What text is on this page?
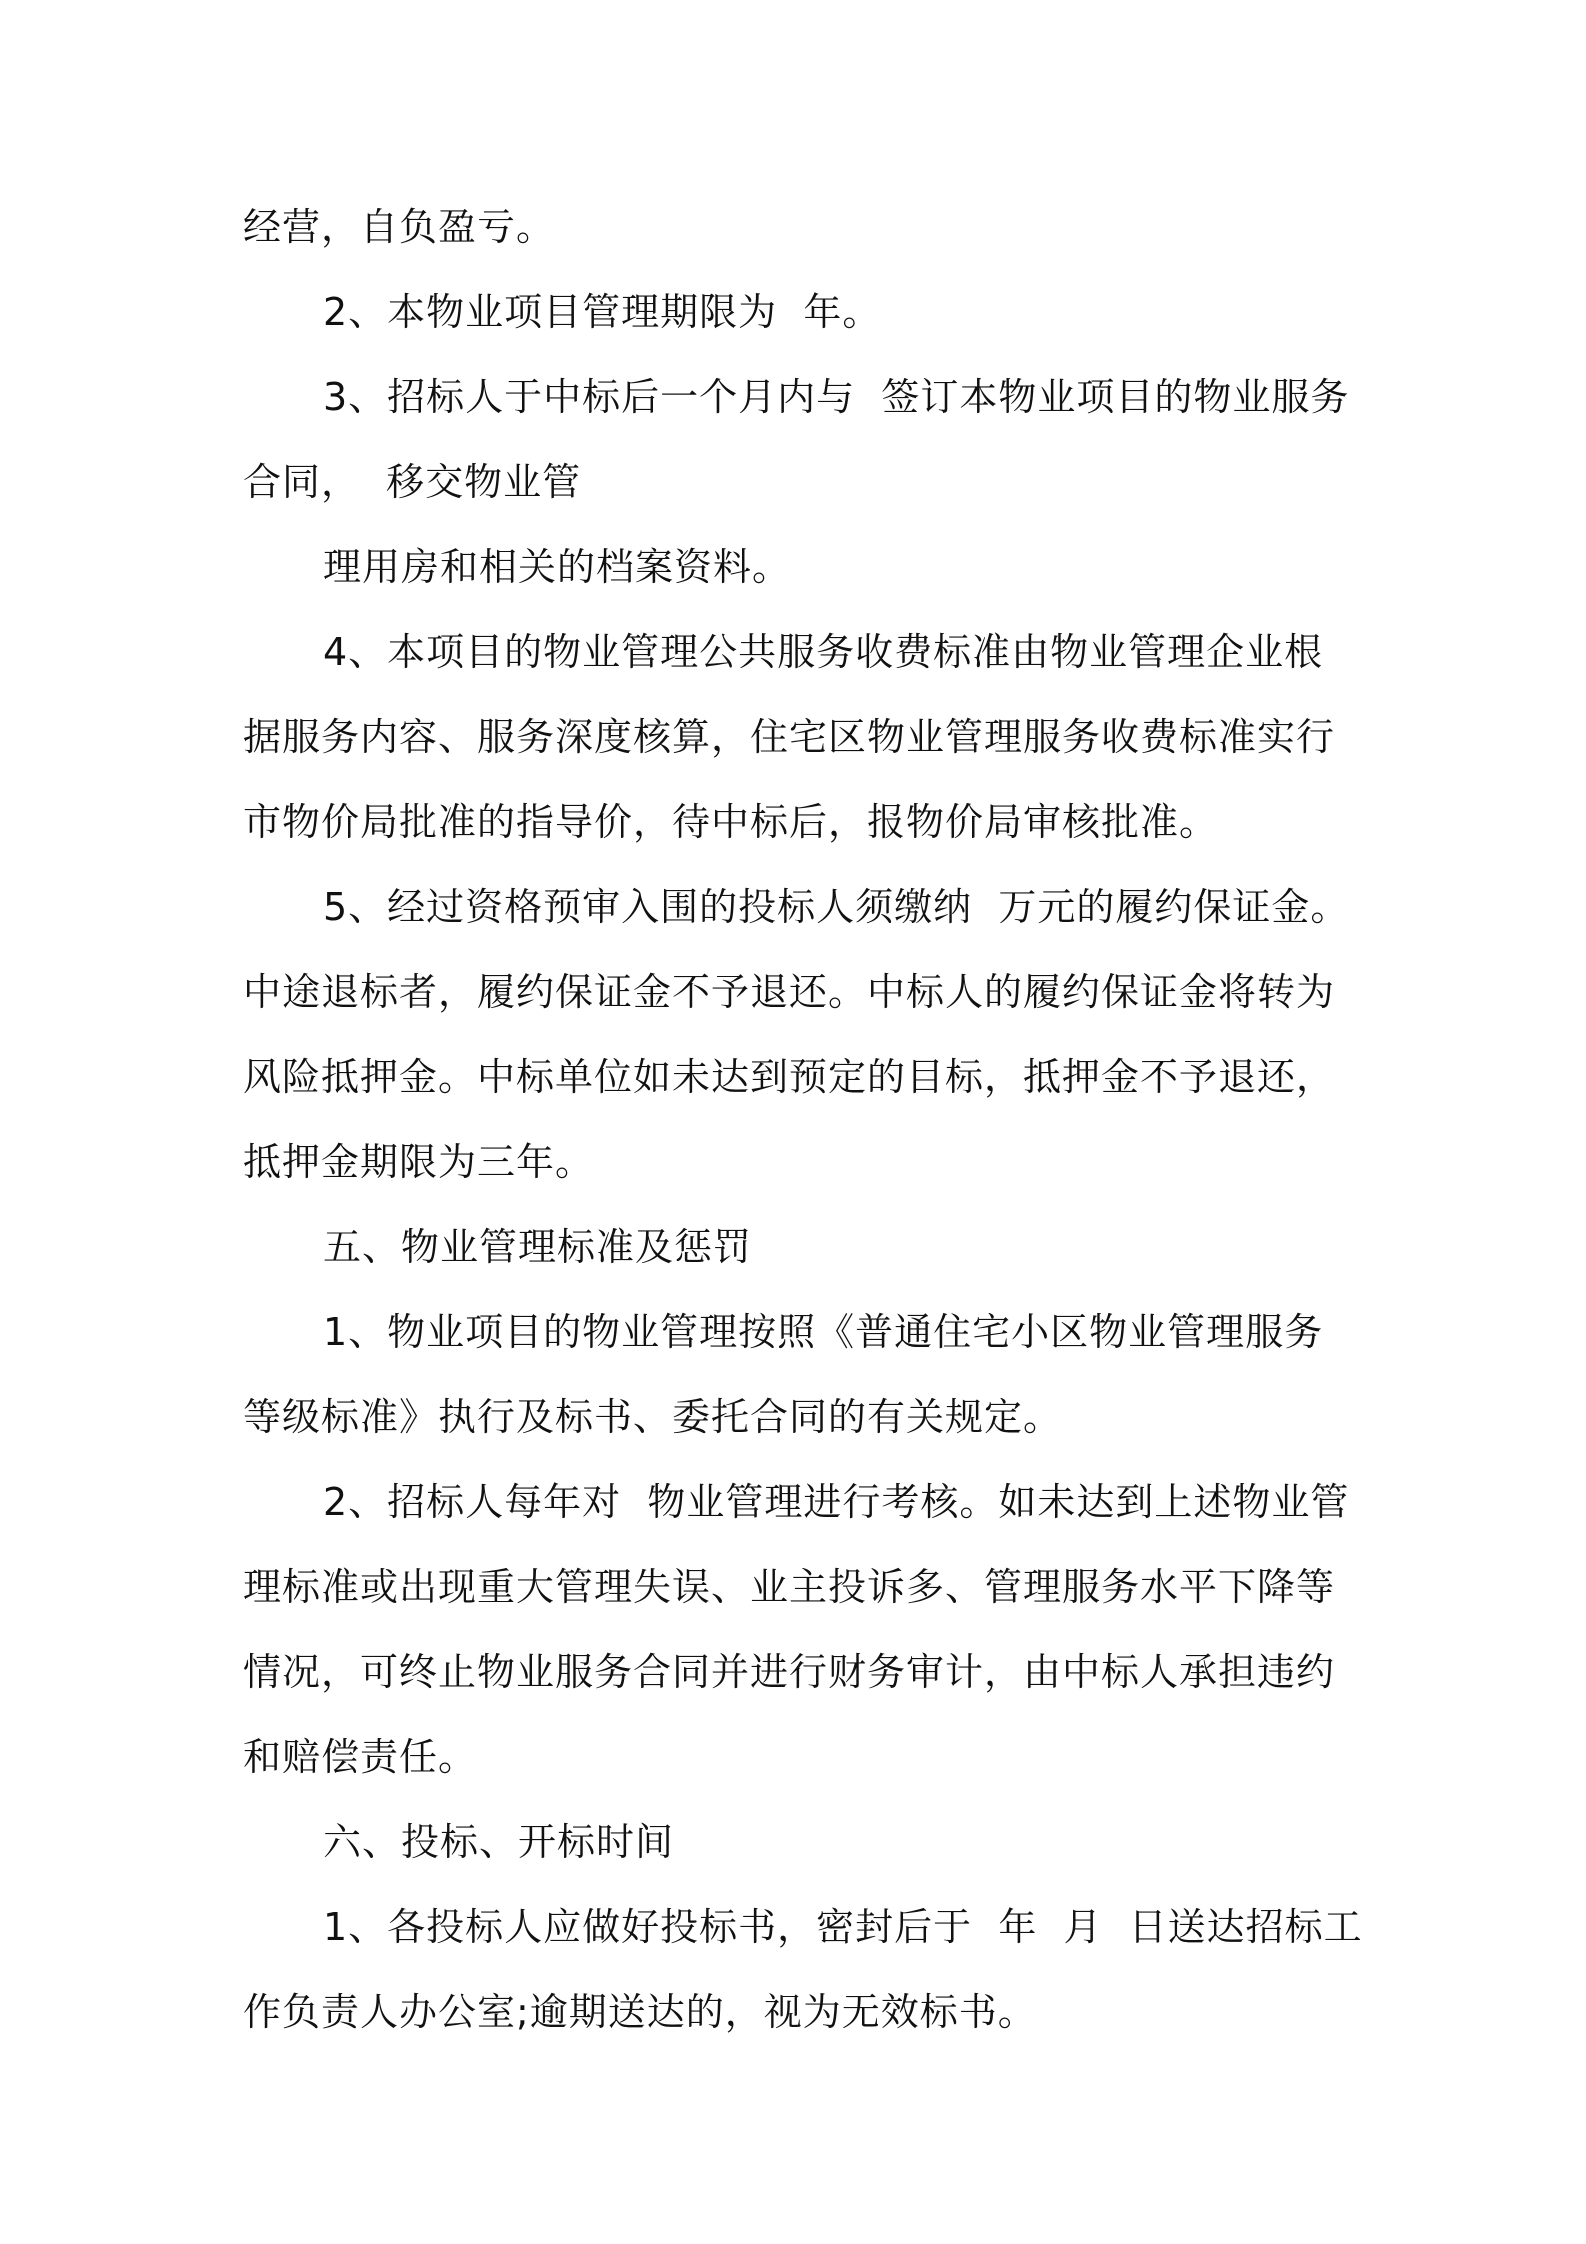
经营，自负盈亏。
2、本物业项目管理期限为  年。
3、招标人于中标后一个月内与  签订本物业项目的物业服务
合同，  移交物业管
理用房和相关的档案资料。
4、本项目的物业管理公共服务收费标准由物业管理企业根
据服务内容、服务深度核算，住宅区物业管理服务收费标准实行
市物价局批准的指导价，待中标后，报物价局审核批准。
5、经过资格预审入围的投标人须缴纳  万元的履约保证金。
中途退标者，履约保证金不予退还。中标人的履约保证金将转为
风险抵押金。中标单位如未达到预定的目标，抵押金不予退还，
抵押金期限为三年。
五、物业管理标准及惩罚
1、物业项目的物业管理按照《普通住宅小区物业管理服务
等级标准》执行及标书、委托合同的有关规定。
2、招标人每年对  物业管理进行考核。如未达到上述物业管
理标准或出现重大管理失误、业主投诉多、管理服务水平下降等
情况，可终止物业服务合同并进行财务审计，由中标人承担违约
和赔偿责任。
六、投标、开标时间
1、各投标人应做好投标书，密封后于  年  月  日送达招标工
作负责人办公室;逾期送达的，视为无效标书。
